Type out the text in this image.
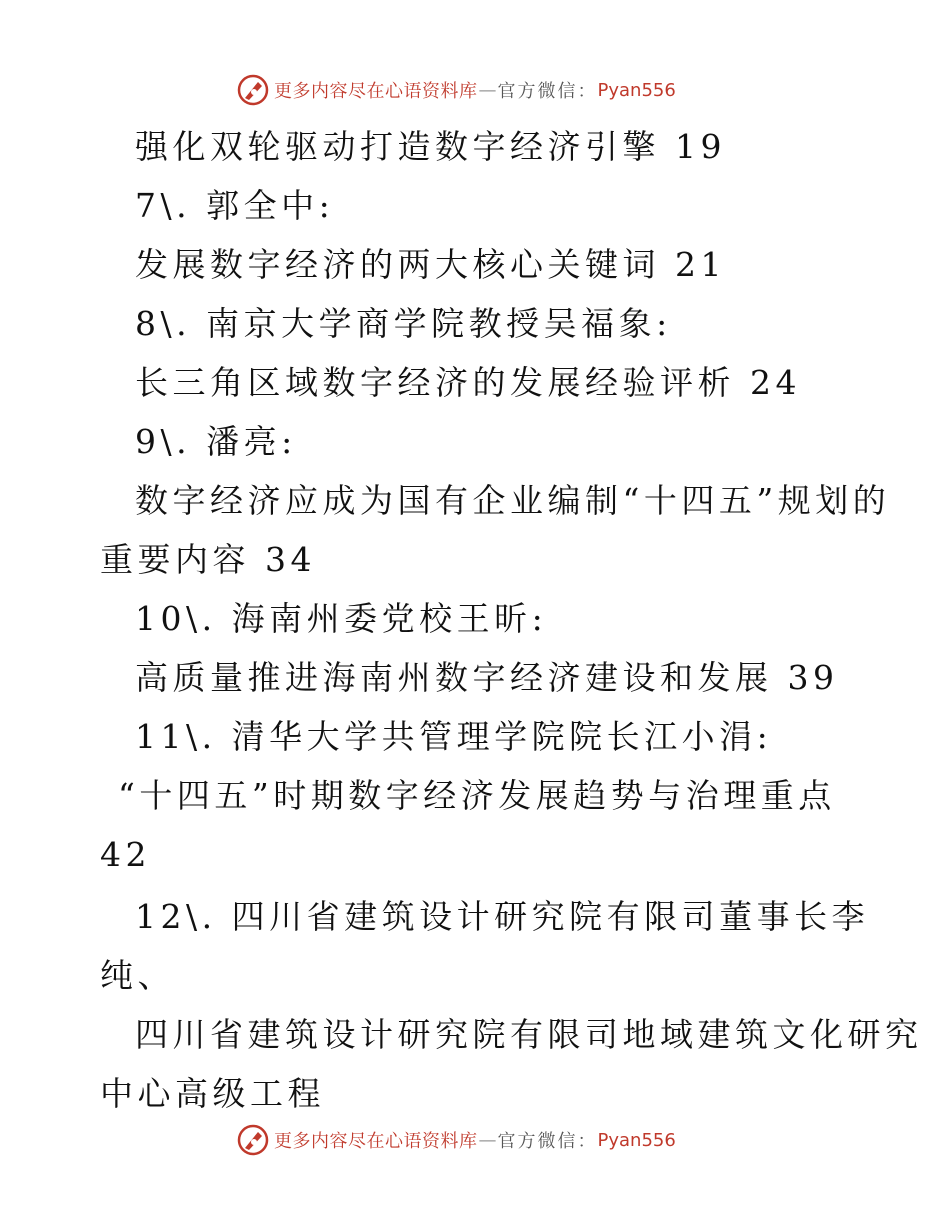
更多内容尽在心语资料库 — 官方微信： Pyan556
强化双轮驱动打造数字经济引擎 19
7\. 郭全中:
发展数字经济的两大核心关键词 21
8\. 南京大学商学院教授吴福象:
长三角区域数字经济的发展经验评析 24
9\. 潘亮:
数字经济应成为国有企业编制“十四五”规划的
重要内容 34
10\. 海南州委党校王昕:
高质量推进海南州数字经济建设和发展 39
11\. 清华大学共管理学院院长江小涓:
“十四五”时期数字经济发展趋势与治理重点
42
12\. 四川省建筑设计研究院有限司董事长李
纯、
四川省建筑设计研究院有限司地域建筑文化研究
中心高级工程
更多内容尽在心语资料库 — 官方微信： Pyan556
